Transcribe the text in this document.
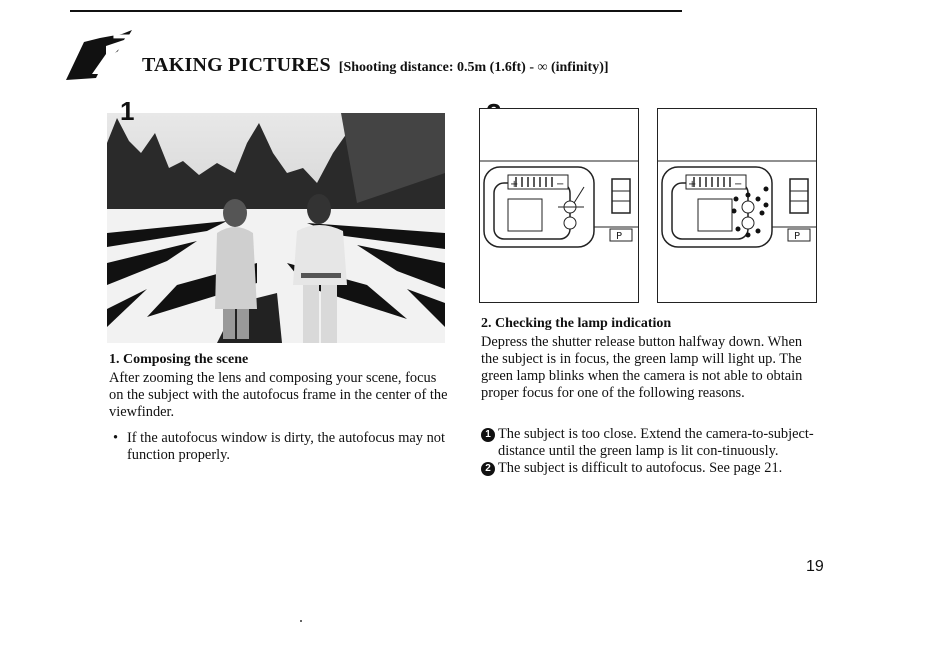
7 TAKING PICTURES [Shooting distance: 0.5m (1.6ft) - ∞ (infinity)]
1
+	−
P
+	−
P
1. Composing the scene
After zooming the lens and composing your scene, focus on the subject with the autofocus frame in the center of the viewfinder.
• If the autofocus window is dirty, the autofocus may not function properly.
2. Checking the lamp indication
Depress the shutter release button halfway down. When the subject is in focus, the green lamp will light up. The green lamp blinks when the camera is not able to obtain proper focus for one of the following reasons.
1 The subject is too close. Extend the camera-to-subject- distance until the green lamp is lit con-tinuously.
2 The subject is difficult to autofocus. See page 21.
19
